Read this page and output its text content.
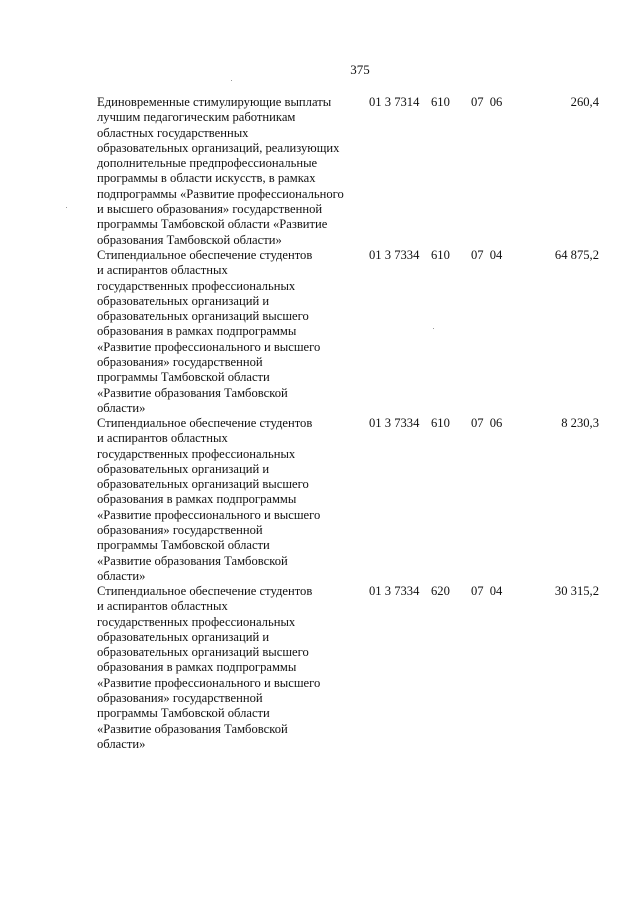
375
Единовременные стимулирующие выплаты
лучшим педагогическим работникам
областных государственных
образовательных организаций, реализующих
дополнительные предпрофессиональные
программы в области искусств, в рамках
подпрограммы «Развитие профессионального
и высшего образования» государственной
программы Тамбовской области «Развитие
образования Тамбовской области»
01 3 7314 610 07 06	260,4
Стипендиальное обеспечение студентов
и аспирантов областных
государственных профессиональных
образовательных организаций и
образовательных организаций высшего
образования в рамках подпрограммы
«Развитие профессионального и высшего
образования» государственной
программы Тамбовской области
«Развитие образования Тамбовской
области»
01 3 7334 610 07 04	64 875,2
Стипендиальное обеспечение студентов
и аспирантов областных
государственных профессиональных
образовательных организаций и
образовательных организаций высшего
образования в рамках подпрограммы
«Развитие профессионального и высшего
образования» государственной
программы Тамбовской области
«Развитие образования Тамбовской
области»
01 3 7334 610 07 06	8 230,3
Стипендиальное обеспечение студентов
и аспирантов областных
государственных профессиональных
образовательных организаций и
образовательных организаций высшего
образования в рамках подпрограммы
«Развитие профессионального и высшего
образования» государственной
программы Тамбовской области
«Развитие образования Тамбовской
области»
01 3 7334 620 07 04	30 315,2
